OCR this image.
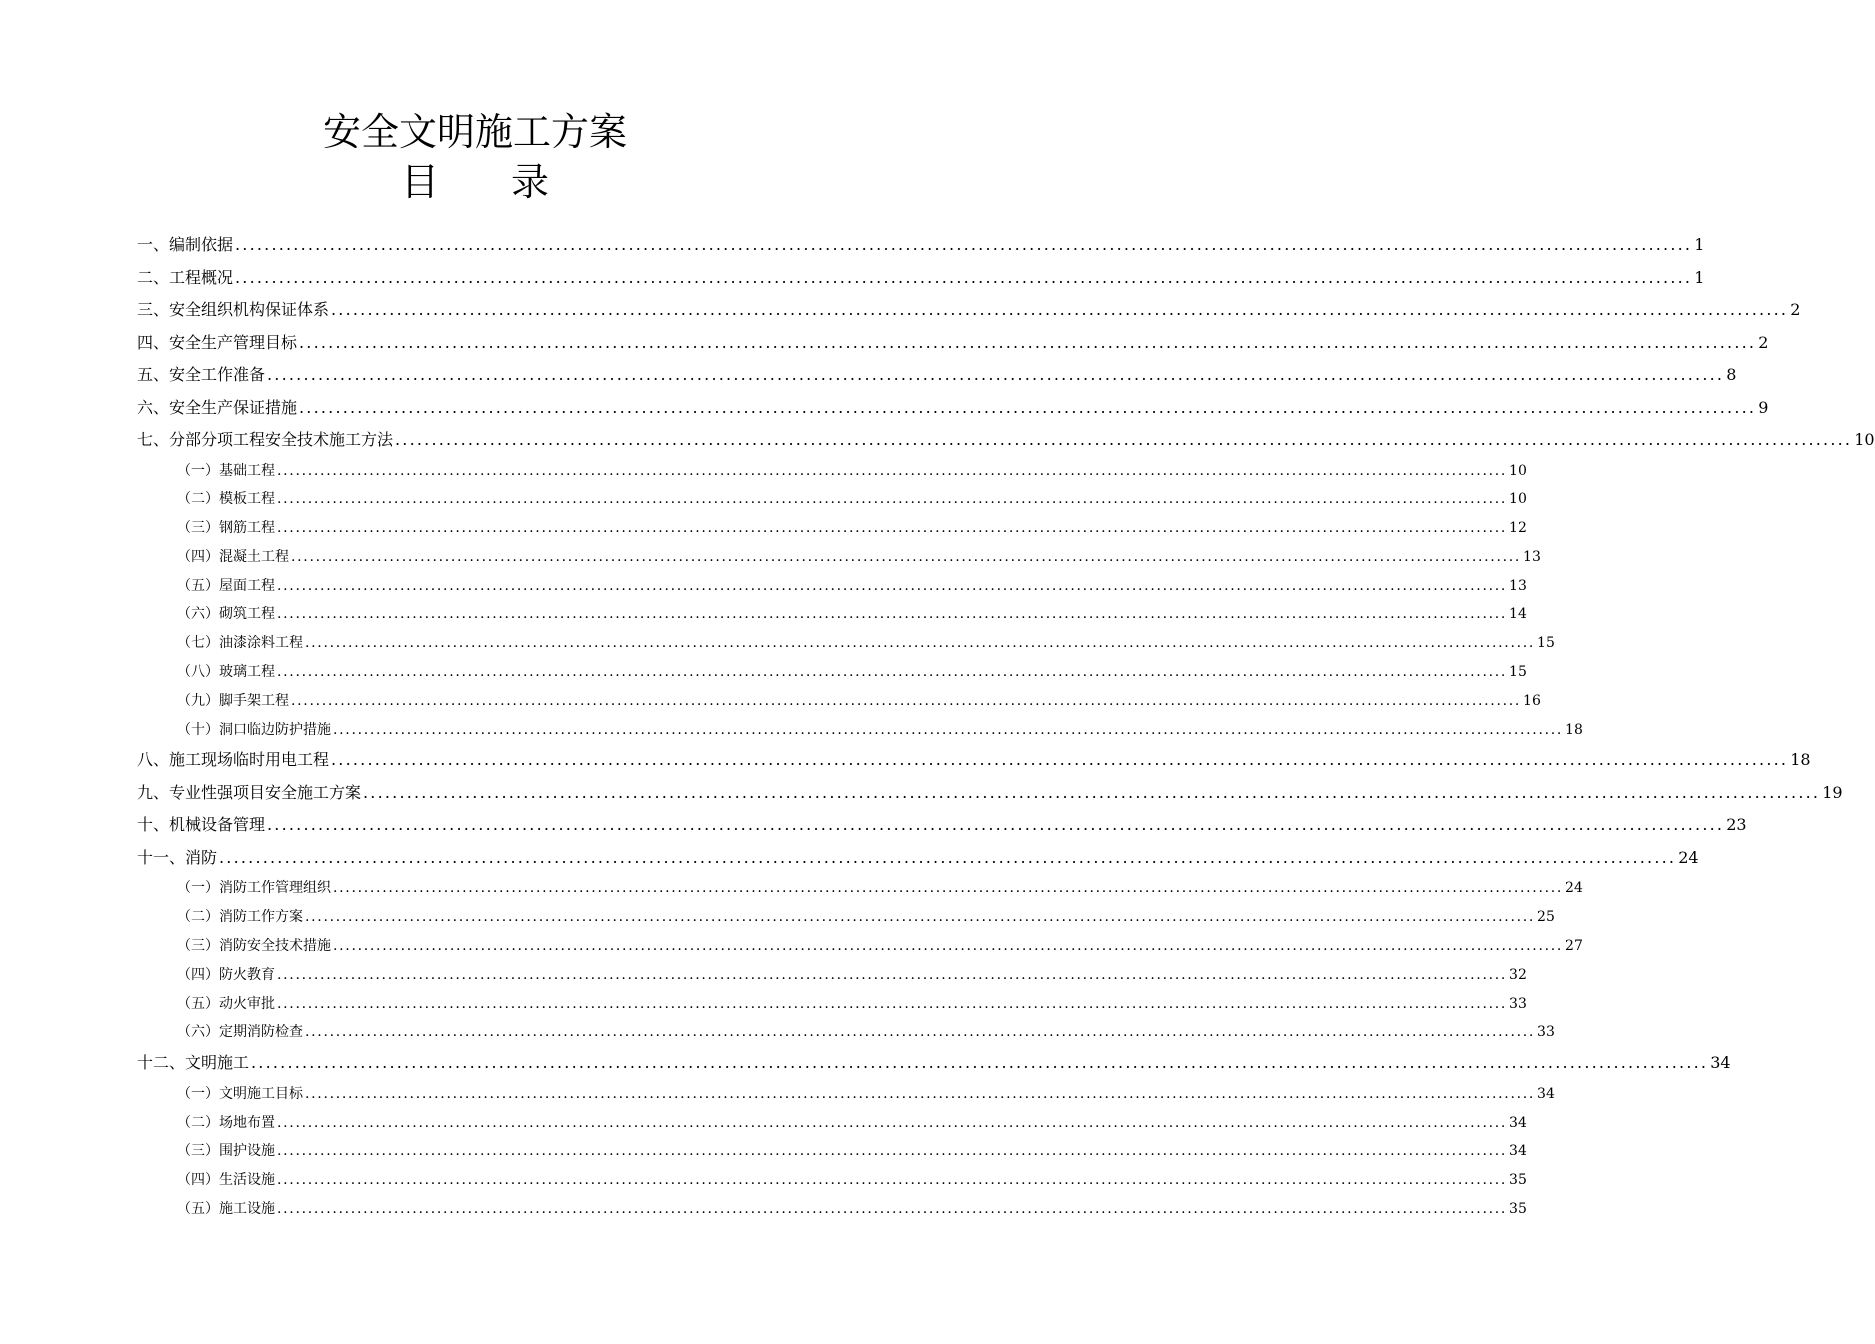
安全文明施工方案
目 录
一、编制依据 ........................................................................................................................................................................................................ 1
二、工程概况 ........................................................................................................................................................................................................ 1
三、安全组织机构保证体系 ........................................................................................................................................................................................................ 2
四、安全生产管理目标 ........................................................................................................................................................................................................ 2
五、安全工作准备 ........................................................................................................................................................................................................ 8
六、安全生产保证措施 ........................................................................................................................................................................................................ 9
七、分部分项工程安全技术施工方法 ........................................................................................................................................................................................................ 10
（一）基础工程 ........................................................................................................................................................................................................ 10
（二）模板工程 ........................................................................................................................................................................................................ 10
（三）钢筋工程 ........................................................................................................................................................................................................ 12
（四）混凝土工程 ........................................................................................................................................................................................................ 13
（五）屋面工程 ........................................................................................................................................................................................................ 13
（六）砌筑工程 ........................................................................................................................................................................................................ 14
（七）油漆涂料工程 ........................................................................................................................................................................................................ 15
（八）玻璃工程 ........................................................................................................................................................................................................ 15
（九）脚手架工程 ........................................................................................................................................................................................................ 16
（十）洞口临边防护措施 ........................................................................................................................................................................................................ 18
八、施工现场临时用电工程 ........................................................................................................................................................................................................ 18
九、专业性强项目安全施工方案 ........................................................................................................................................................................................................ 19
十、机械设备管理 ........................................................................................................................................................................................................ 23
十一、消防 ........................................................................................................................................................................................................ 24
（一）消防工作管理组织 ........................................................................................................................................................................................................ 24
（二）消防工作方案 ........................................................................................................................................................................................................ 25
（三）消防安全技术措施 ........................................................................................................................................................................................................ 27
（四）防火教育 ........................................................................................................................................................................................................ 32
（五）动火审批 ........................................................................................................................................................................................................ 33
（六）定期消防检查 ........................................................................................................................................................................................................ 33
十二、文明施工 ........................................................................................................................................................................................................ 34
（一）文明施工目标 ........................................................................................................................................................................................................ 34
（二）场地布置 ........................................................................................................................................................................................................ 34
（三）围护设施 ........................................................................................................................................................................................................ 34
（四）生活设施 ........................................................................................................................................................................................................ 35
（五）施工设施 ........................................................................................................................................................................................................ 35
